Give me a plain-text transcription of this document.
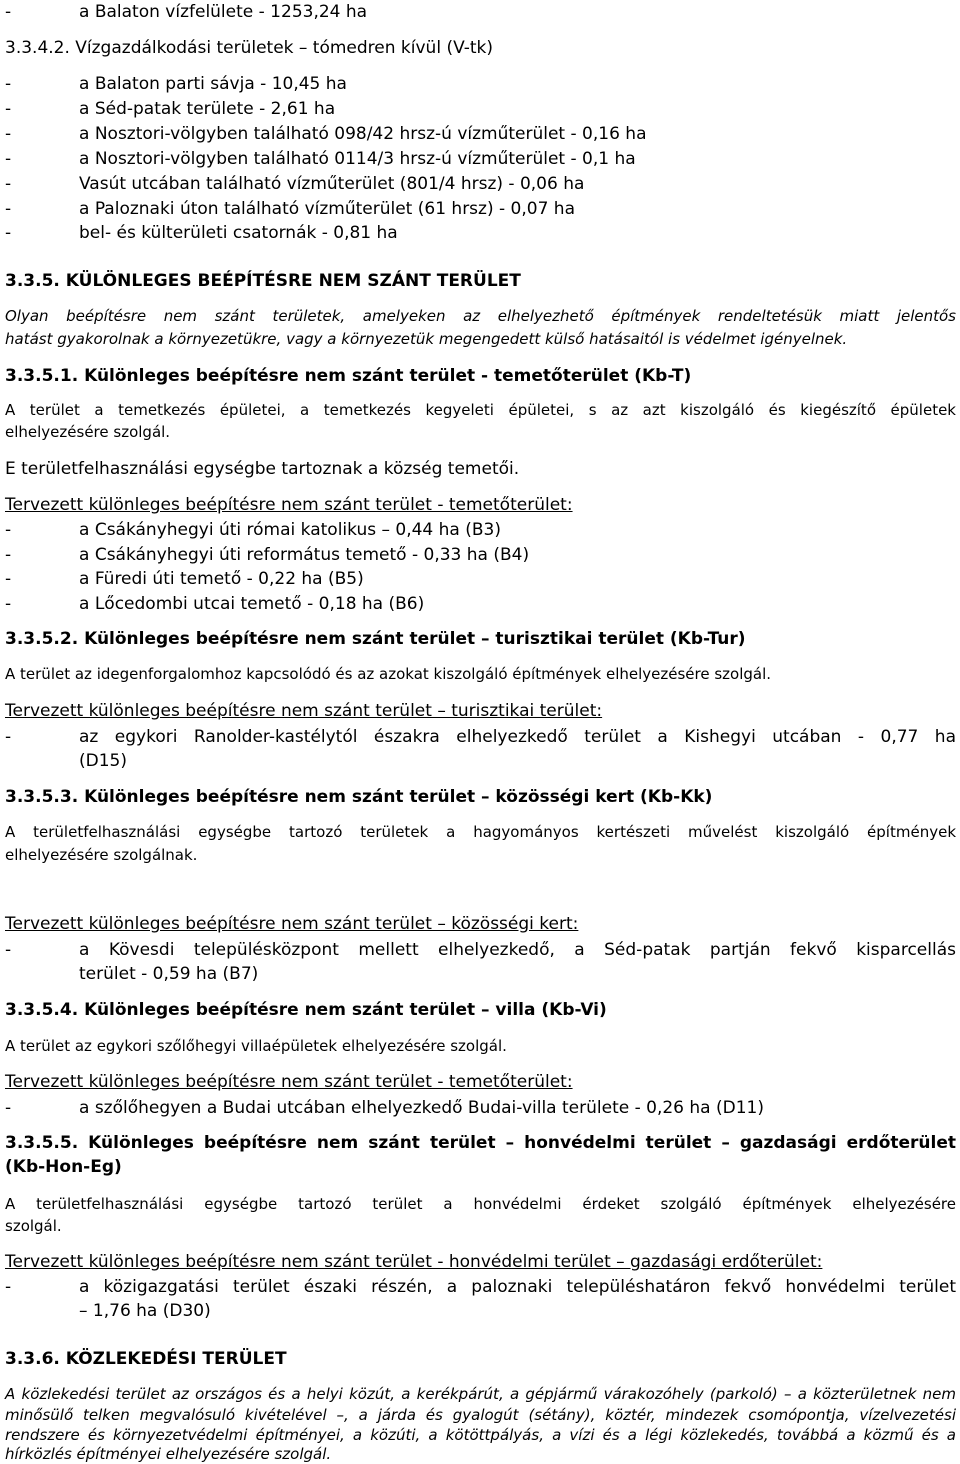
-	a Balaton vízfelülete - 1253,24 ha
3.3.4.2. Vízgazdálkodási területek – tómedren kívül (V-tk)
-	a Balaton parti sávja - 10,45 ha
-	a Séd-patak területe - 2,61 ha
-	a Nosztori-völgyben található 098/42 hrsz-ú vízműterület - 0,16 ha
-	a Nosztori-völgyben található 0114/3 hrsz-ú vízműterület - 0,1 ha
-	Vasút utcában található vízműterület (801/4 hrsz) - 0,06 ha
-	a Paloznaki úton található vízműterület (61 hrsz) - 0,07 ha
-	bel- és külterületi csatornák - 0,81 ha
3.3.5. KÜLÖNLEGES BEÉPÍTÉSRE NEM SZÁNT TERÜLET
Olyan beépítésre nem szánt területek, amelyeken az elhelyezhető építmények rendeltetésük miatt jelentős
hatást gyakorolnak a környezetükre, vagy a környezetük megengedett külső hatásaitól is védelmet igényelnek.
3.3.5.1. Különleges beépítésre nem szánt terület - temetőterület (Kb-T)
A terület a temetkezés épületei, a temetkezés kegyeleti épületei, s az azt kiszolgáló és kiegészítő épületek
elhelyezésére szolgál.
E területfelhasználási egységbe tartoznak a község temetői.
Tervezett különleges beépítésre nem szánt terület - temetőterület:
-	a Csákányhegyi úti római katolikus – 0,44 ha (B3)
-	a Csákányhegyi úti református temető - 0,33 ha (B4)
-	a Füredi úti temető - 0,22 ha (B5)
-	a Lőcedombi utcai temető - 0,18 ha (B6)
3.3.5.2. Különleges beépítésre nem szánt terület – turisztikai terület (Kb-Tur)
A terület az idegenforgalomhoz kapcsolódó és az azokat kiszolgáló építmények elhelyezésére szolgál.
Tervezett különleges beépítésre nem szánt terület – turisztikai terület:
-	az egykori Ranolder-kastélytól északra elhelyezkedő terület a Kishegyi utcában - 0,77 ha
(D15)
3.3.5.3. Különleges beépítésre nem szánt terület – közösségi kert (Kb-Kk)
A területfelhasználási egységbe tartozó területek a hagyományos kertészeti művelést kiszolgáló építmények
elhelyezésére szolgálnak.
Tervezett különleges beépítésre nem szánt terület – közösségi kert:
-	a Kövesdi településközpont mellett elhelyezkedő, a Séd-patak partján fekvő kisparcellás
terület - 0,59 ha (B7)
3.3.5.4. Különleges beépítésre nem szánt terület – villa (Kb-Vi)
A terület az egykori szőlőhegyi villaépületek elhelyezésére szolgál.
Tervezett különleges beépítésre nem szánt terület - temetőterület:
-	a szőlőhegyen a Budai utcában elhelyezkedő Budai-villa területe - 0,26 ha (D11)
3.3.5.5. Különleges beépítésre nem szánt terület – honvédelmi terület – gazdasági erdőterület
(Kb-Hon-Eg)
A területfelhasználási egységbe tartozó terület a honvédelmi érdeket szolgáló építmények elhelyezésére
szolgál.
Tervezett különleges beépítésre nem szánt terület - honvédelmi terület – gazdasági erdőterület:
-	a közigazgatási terület északi részén, a paloznaki településhatáron fekvő honvédelmi terület
– 1,76 ha (D30)
3.3.6. KÖZLEKEDÉSI TERÜLET
A közlekedési terület az országos és a helyi közút, a kerékpárút, a gépjármű várakozóhely (parkoló) – a közterületnek nem
minősülő telken megvalósuló kivételével –, a járda és gyalogút (sétány), köztér, mindezek csomópontja, vízelvezetési
rendszere és környezetvédelmi építményei, a közúti, a kötöttpályás, a vízi és a légi közlekedés, továbbá a közmű és a
hírközlés építményei elhelyezésére szolgál.
